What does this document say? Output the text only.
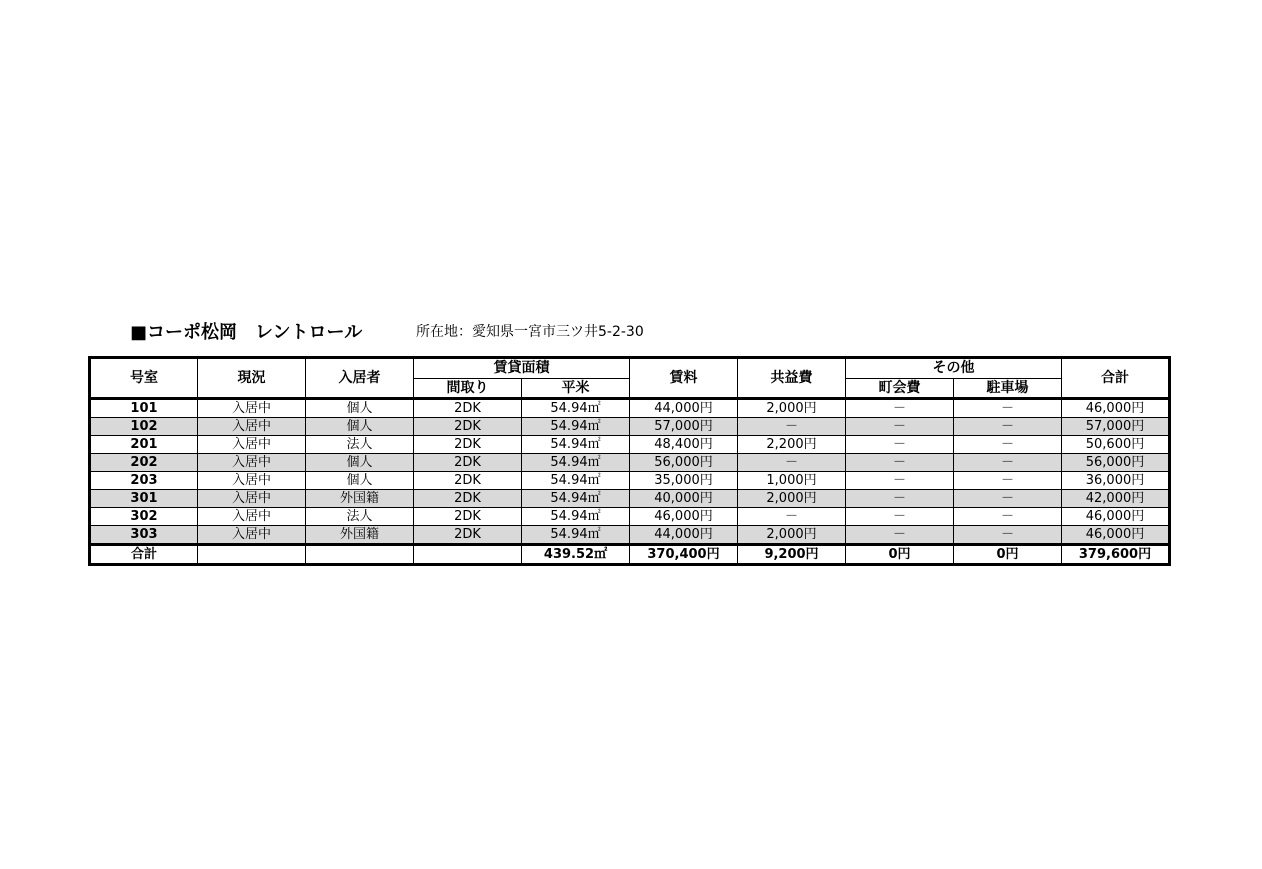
■コーポ松岡　レントロール	所在地：愛知県一宮市三ツ井5-2-30
号室	現況	入居者	賃貸面積		賃料	共益費	その他		合計
			間取り	平米			町会費	駐車場	
101	入居中	個人	2DK	54.94㎡	44,000円	2,000円	－	－	46,000円
102	入居中	個人	2DK	54.94㎡	57,000円	－	－	－	57,000円
201	入居中	法人	2DK	54.94㎡	48,400円	2,200円	－	－	50,600円
202	入居中	個人	2DK	54.94㎡	56,000円	－	－	－	56,000円
203	入居中	個人	2DK	54.94㎡	35,000円	1,000円	－	－	36,000円
301	入居中	外国籍	2DK	54.94㎡	40,000円	2,000円	－	－	42,000円
302	入居中	法人	2DK	54.94㎡	46,000円	－	－	－	46,000円
303	入居中	外国籍	2DK	54.94㎡	44,000円	2,000円	－	－	46,000円
合計				439.52㎡	370,400円	9,200円	0円	0円	379,600円
